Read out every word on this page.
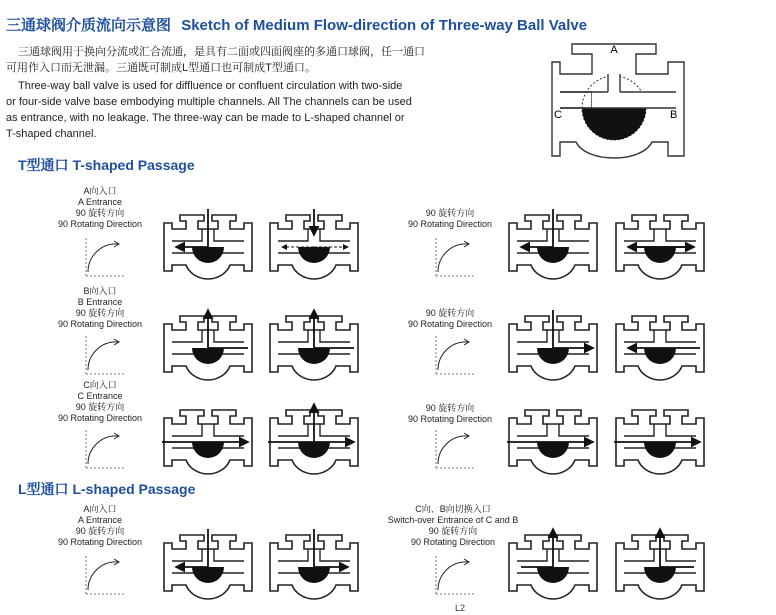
三通球阀介质流向示意图 Sketch of Medium Flow-direction of Three-way Ball Valve
三通球阀用于换向分流或汇合流通，是具有二面或四面阀座的多通口球阀，任一通口
可用作入口而无泄漏。三通既可制成L型通口也可制成T型通口。
Three-way ball valve is used for diffluence or confluent circulation with two-side
or four-side valve base embodying multiple channels. All The channels can be used
as entrance, with no leakage. The three-way can be made to L-shaped channel or
T-shaped channel.
A
C	B
T型通口 T-shaped Passage
A向入口
A Entrance
90 旋转方向
90 Rotating Direction
B向入口
B Entrance
90 旋转方向
90 Rotating Direction
C向入口
C Entrance
90 旋转方向
90 Rotating Direction
90 旋转方向
90 Rotating Direction
90 旋转方向
90 Rotating Direction
90 旋转方向
90 Rotating Direction
L型通口 L-shaped Passage
A向入口
A Entrance
90 旋转方向
90 Rotating Direction
C向、B向切换入口
Switch-over Entrance of C and B
90 旋转方向
90 Rotating Direction
L2
